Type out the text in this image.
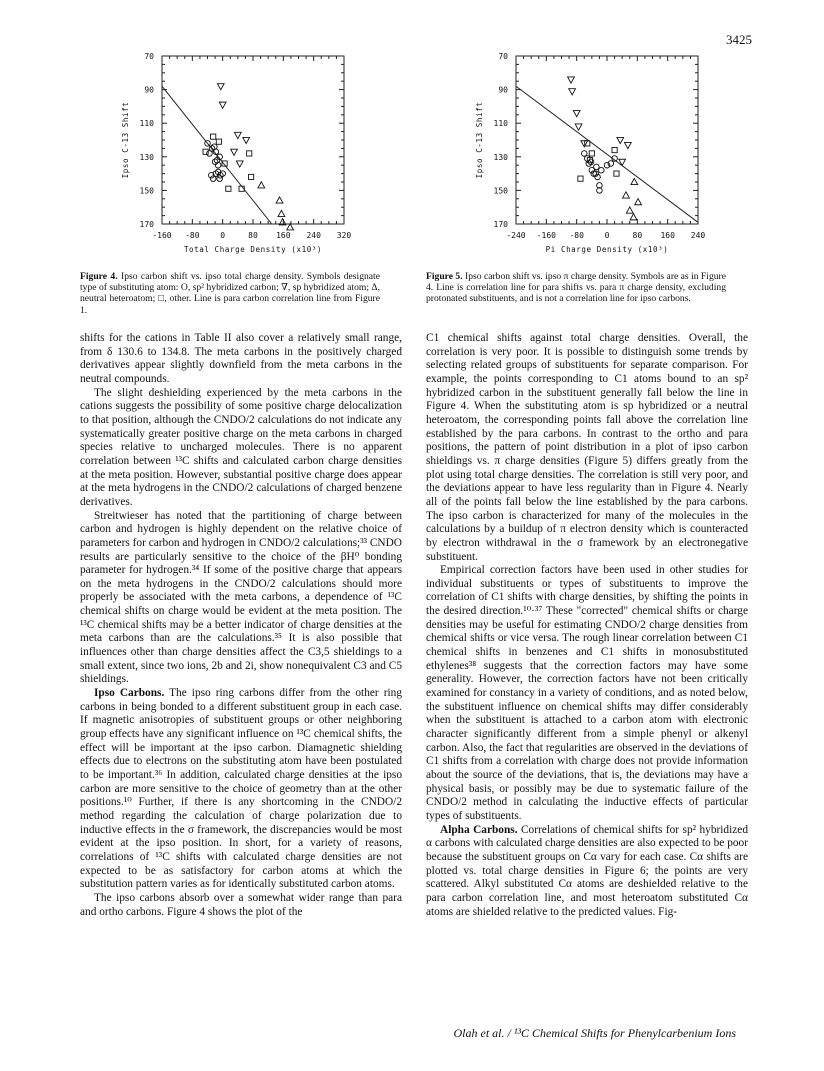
3425
-160 -80	0	80 160 240 320
70
90
110
130
150
170
Total Charge Density (x10³)
Ipso C-13 Shift
Figure 4. Ipso carbon shift vs. ipso total charge density. Symbols designate type of substituting atom: O, sp² hybridized carbon; ∇, sp hybridized atom; Δ, neutral heteroatom; □, other. Line is para carbon correlation line from Figure 1.
-240 -160 -80	0	80 160 240
70
90
110
130
150
170
Pi Charge Density (x10³)
Ipso C-13 Shift
Figure 5. Ipso carbon shift vs. ipso π charge density. Symbols are as in Figure 4. Line is correlation line for para shifts vs. para π charge density, excluding protonated substituents, and is not a correlation line for ipso carbons.

shifts for the cations in Table II also cover a relatively small range, from δ 130.6 to 134.8. The meta carbons in the positively charged derivatives appear slightly downfield from the meta carbons in the neutral compounds.

The slight deshielding experienced by the meta carbons in the cations suggests the possibility of some positive charge delocalization to that position, although the CNDO/2 calculations do not indicate any systematically greater positive charge on the meta carbons in charged species relative to uncharged molecules. There is no apparent correlation between ¹³C shifts and calculated carbon charge densities at the meta position. However, substantial positive charge does appear at the meta hydrogens in the CNDO/2 calculations of charged benzene derivatives.

Streitwieser has noted that the partitioning of charge between carbon and hydrogen is highly dependent on the relative choice of parameters for carbon and hydrogen in CNDO/2 calculations;³³ CNDO results are particularly sensitive to the choice of the βH⁰ bonding parameter for hydrogen.³⁴ If some of the positive charge that appears on the meta hydrogens in the CNDO/2 calculations should more properly be associated with the meta carbons, a dependence of ¹³C chemical shifts on charge would be evident at the meta position. The ¹³C chemical shifts may be a better indicator of charge densities at the meta carbons than are the calculations.³⁵ It is also possible that influences other than charge densities affect the C3,5 shieldings to a small extent, since two ions, 2b and 2i, show nonequivalent C3 and C5 shieldings.

Ipso Carbons. The ipso ring carbons differ from the other ring carbons in being bonded to a different substituent group in each case. If magnetic anisotropies of substituent groups or other neighboring group effects have any significant influence on ¹³C chemical shifts, the effect will be important at the ipso carbon. Diamagnetic shielding effects due to electrons on the substituting atom have been postulated to be important.³⁶ In addition, calculated charge densities at the ipso carbon are more sensitive to the choice of geometry than at the other positions.¹⁰ Further, if there is any shortcoming in the CNDO/2 method regarding the calculation of charge polarization due to inductive effects in the σ framework, the discrepancies would be most evident at the ipso position. In short, for a variety of reasons, correlations of ¹³C shifts with calculated charge densities are not expected to be as satisfactory for carbon atoms at which the substitution pattern varies as for identically substituted carbon atoms.

The ipso carbons absorb over a somewhat wider range than para and ortho carbons. Figure 4 shows the plot of the

C1 chemical shifts against total charge densities. Overall, the correlation is very poor. It is possible to distinguish some trends by selecting related groups of substituents for separate comparison. For example, the points corresponding to C1 atoms bound to an sp² hybridized carbon in the substituent generally fall below the line in Figure 4. When the substituting atom is sp hybridized or a neutral heteroatom, the corresponding points fall above the correlation line established by the para carbons. In contrast to the ortho and para positions, the pattern of point distribution in a plot of ipso carbon shieldings vs. π charge densities (Figure 5) differs greatly from the plot using total charge densities. The correlation is still very poor, and the deviations appear to have less regularity than in Figure 4. Nearly all of the points fall below the line established by the para carbons. The ipso carbon is characterized for many of the molecules in the calculations by a buildup of π electron density which is counteracted by electron withdrawal in the σ framework by an electronegative substituent.

Empirical correction factors have been used in other studies for individual substituents or types of substituents to improve the correlation of C1 shifts with charge densities, by shifting the points in the desired direction.¹⁰·³⁷ These "corrected" chemical shifts or charge densities may be useful for estimating CNDO/2 charge densities from chemical shifts or vice versa. The rough linear correlation between C1 chemical shifts in benzenes and C1 shifts in monosubstituted ethylenes³⁸ suggests that the correction factors may have some generality. However, the correction factors have not been critically examined for constancy in a variety of conditions, and as noted below, the substituent influence on chemical shifts may differ considerably when the substituent is attached to a carbon atom with electronic character significantly different from a simple phenyl or alkenyl carbon. Also, the fact that regularities are observed in the deviations of C1 shifts from a correlation with charge does not provide information about the source of the deviations, that is, the deviations may have a physical basis, or possibly may be due to systematic failure of the CNDO/2 method in calculating the inductive effects of particular types of substituents.

Alpha Carbons. Correlations of chemical shifts for sp² hybridized α carbons with calculated charge densities are also expected to be poor because the substituent groups on Cα vary for each case. Cα shifts are plotted vs. total charge densities in Figure 6; the points are very scattered. Alkyl substituted Cα atoms are deshielded relative to the para carbon correlation line, and most heteroatom substituted Cα atoms are shielded relative to the predicted values. Fig-

Olah et al. / ¹³C Chemical Shifts for Phenylcarbenium Ions
